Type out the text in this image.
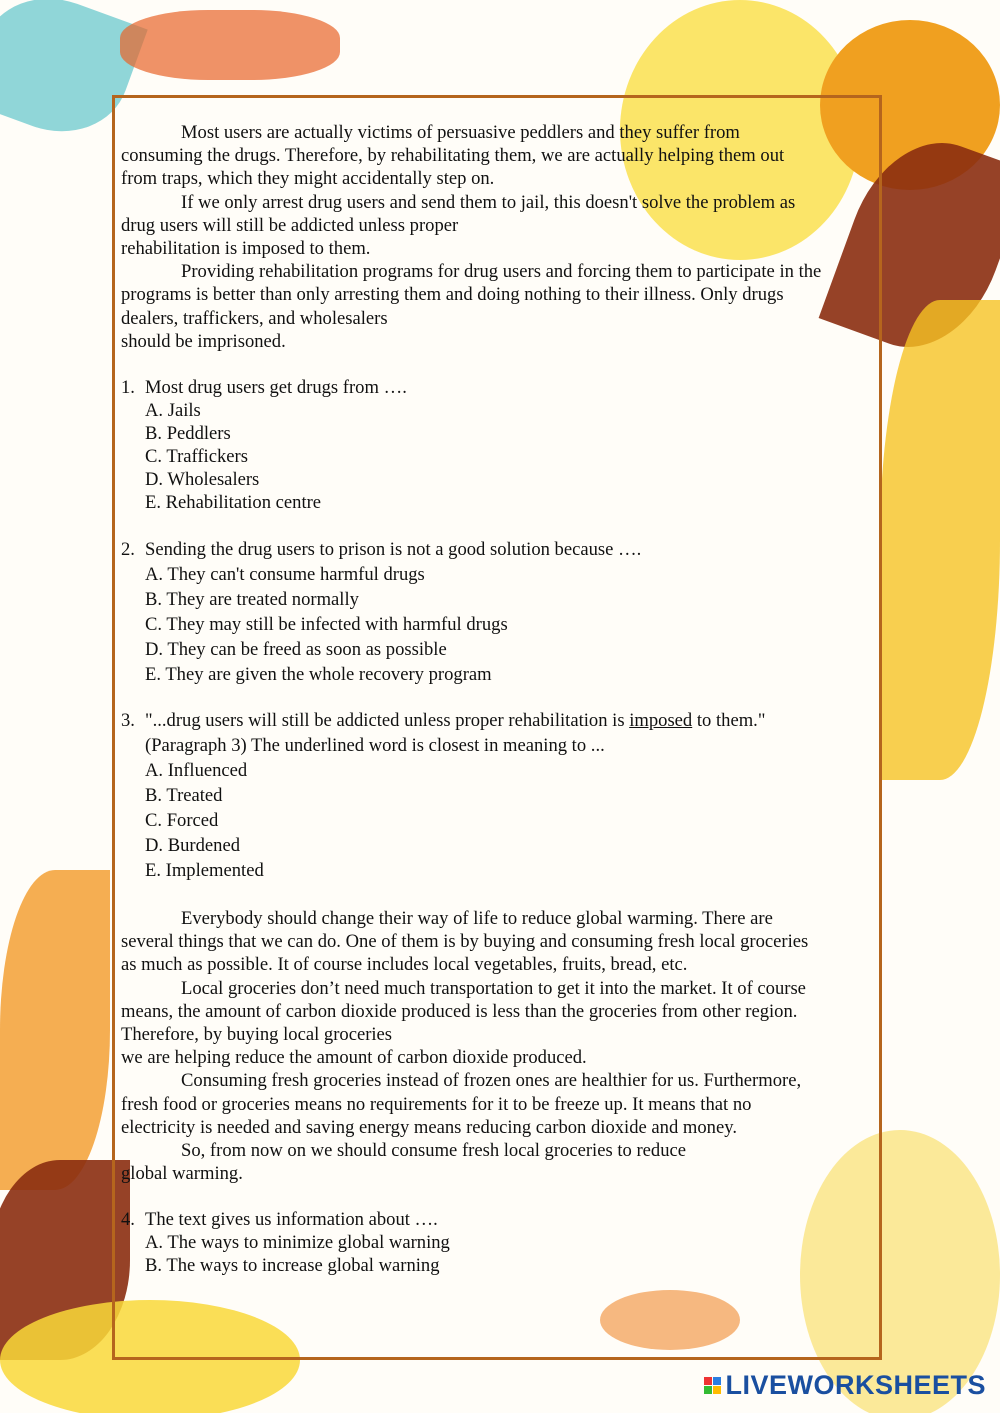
Most users are actually victims of persuasive peddlers and they suffer from
consuming the drugs. Therefore, by rehabilitating them, we are actually helping them out
from traps, which they might accidentally step on.
If we only arrest drug users and send them to jail, this doesn't solve the problem as
drug users will still be addicted unless proper
rehabilitation is imposed to them.
Providing rehabilitation programs for drug users and forcing them to participate in the
programs is better than only arresting them and doing nothing to their illness. Only drugs
dealers, traffickers, and wholesalers
should be imprisoned.
1. Most drug users get drugs from ….
A. Jails
B. Peddlers
C. Traffickers
D. Wholesalers
E. Rehabilitation centre
2. Sending the drug users to prison is not a good solution because ….
A. They can't consume harmful drugs
B. They are treated normally
C. They may still be infected with harmful drugs
D. They can be freed as soon as possible
E. They are given the whole recovery program
3. "...drug users will still be addicted unless proper rehabilitation is imposed to them."
(Paragraph 3) The underlined word is closest in meaning to ...
A. Influenced
B. Treated
C. Forced
D. Burdened
E. Implemented
Everybody should change their way of life to reduce global warming. There are
several things that we can do. One of them is by buying and consuming fresh local groceries
as much as possible. It of course includes local vegetables, fruits, bread, etc.
Local groceries don’t need much transportation to get it into the market. It of course
means, the amount of carbon dioxide produced is less than the groceries from other region.
Therefore, by buying local groceries
we are helping reduce the amount of carbon dioxide produced.
Consuming fresh groceries instead of frozen ones are healthier for us. Furthermore,
fresh food or groceries means no requirements for it to be freeze up. It means that no
electricity is needed and saving energy means reducing carbon dioxide and money.
So, from now on we should consume fresh local groceries to reduce
global warming.
4. The text gives us information about ….
A. The ways to minimize global warning
B. The ways to increase global warning
LIVEWORKSHEETS
